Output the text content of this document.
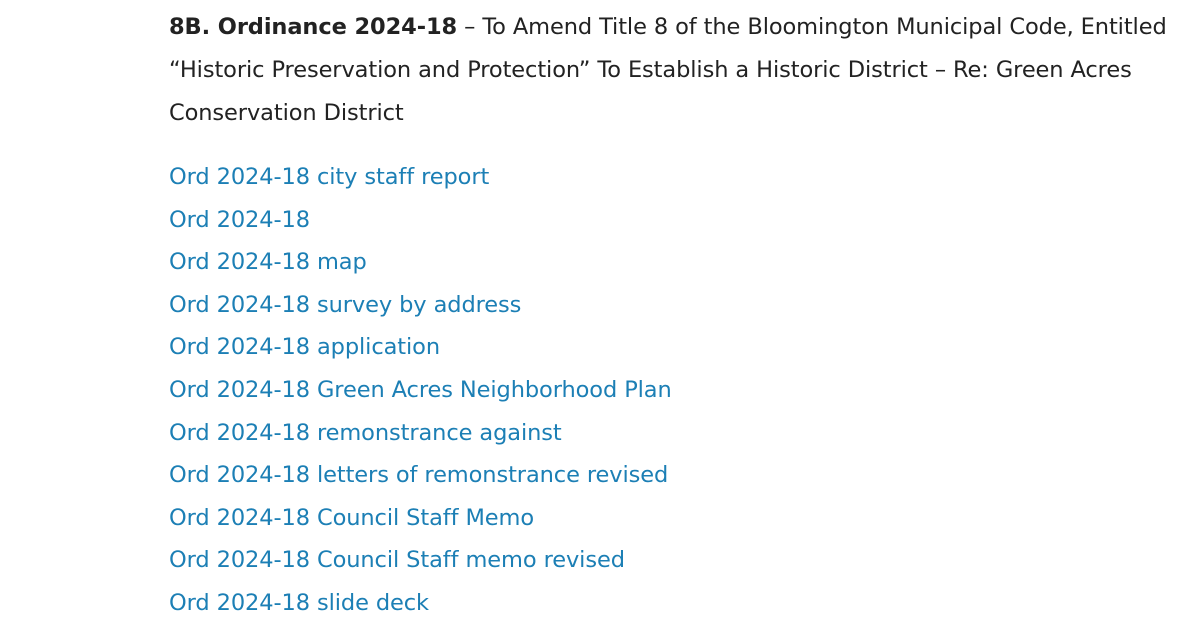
8B. Ordinance 2024-18 – To Amend Title 8 of the Bloomington Municipal Code, Entitled “Historic Preservation and Protection” To Establish a Historic District – Re: Green Acres Conservation District

Ord 2024-18 city staff report
Ord 2024-18
Ord 2024-18 map
Ord 2024-18 survey by address
Ord 2024-18 application
Ord 2024-18 Green Acres Neighborhood Plan
Ord 2024-18 remonstrance against
Ord 2024-18 letters of remonstrance revised
Ord 2024-18 Council Staff Memo
Ord 2024-18 Council Staff memo revised
Ord 2024-18 slide deck
